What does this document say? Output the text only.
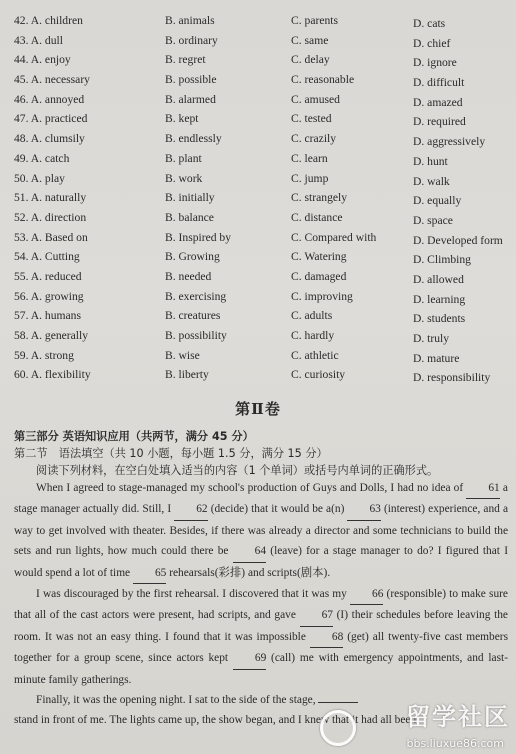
42. A. children	B. animals	C. parents	D. cats
43. A. dull	B. ordinary	C. same	D. chief
44. A. enjoy	B. regret	C. delay	D. ignore
45. A. necessary	B. possible	C. reasonable	D. difficult
46. A. annoyed	B. alarmed	C. amused	D. amazed
47. A. practiced	B. kept	C. tested	D. required
48. A. clumsily	B. endlessly	C. crazily	D. aggressively
49. A. catch	B. plant	C. learn	D. hunt
50. A. play	B. work	C. jump	D. walk
51. A. naturally	B. initially	C. strangely	D. equally
52. A. direction	B. balance	C. distance	D. space
53. A. Based on	B. Inspired by	C. Compared with	D. Developed form
54. A. Cutting	B. Growing	C. Watering	D. Climbing
55. A. reduced	B. needed	C. damaged	D. allowed
56. A. growing	B. exercising	C. improving	D. learning
57. A. humans	B. creatures	C. adults	D. students
58. A. generally	B. possibility	C. hardly	D. truly
59. A. strong	B. wise	C. athletic	D. mature
60. A. flexibility	B. liberty	C. curiosity	D. responsibility
第Ⅱ卷
第三部分 英语知识应用（共两节，满分 45 分）
第二节　语法填空（共 10 小题，每小题 1.5 分，满分 15 分）
阅读下列材料，在空白处填入适当的内容（1 个单词）或括号内单词的正确形式。

When I agreed to stage-managed my school's production of Guys and Dolls, I had no idea of 61 a stage manager actually did. Still, I 62 (decide) that it would be a(n) 63 (interest) experience, and a way to get involved with theater. Besides, if there was already a director and some technicians to build the sets and run lights, how much could there be 64 (leave) for a stage manager to do? I figured that I would spend a lot of time 65 rehearsals(彩排) and scripts(剧本).

I was discouraged by the first rehearsal. I discovered that it was my 66 (responsible) to make sure that all of the cast actors were present, had scripts, and gave 67 (I) their schedules before leaving the room. It was not an easy thing. I found that it was impossible 68 (get) all twenty-five cast members together for a group scene, since actors kept 69 (call) me with emergency appointments, and last-minute family gatherings.

Finally, it was the opening night. I sat to the side of the stage,
stand in front of me. The lights came up, the show began, and I knew that it had all been

留学社区
bbs.liuxue86.com
